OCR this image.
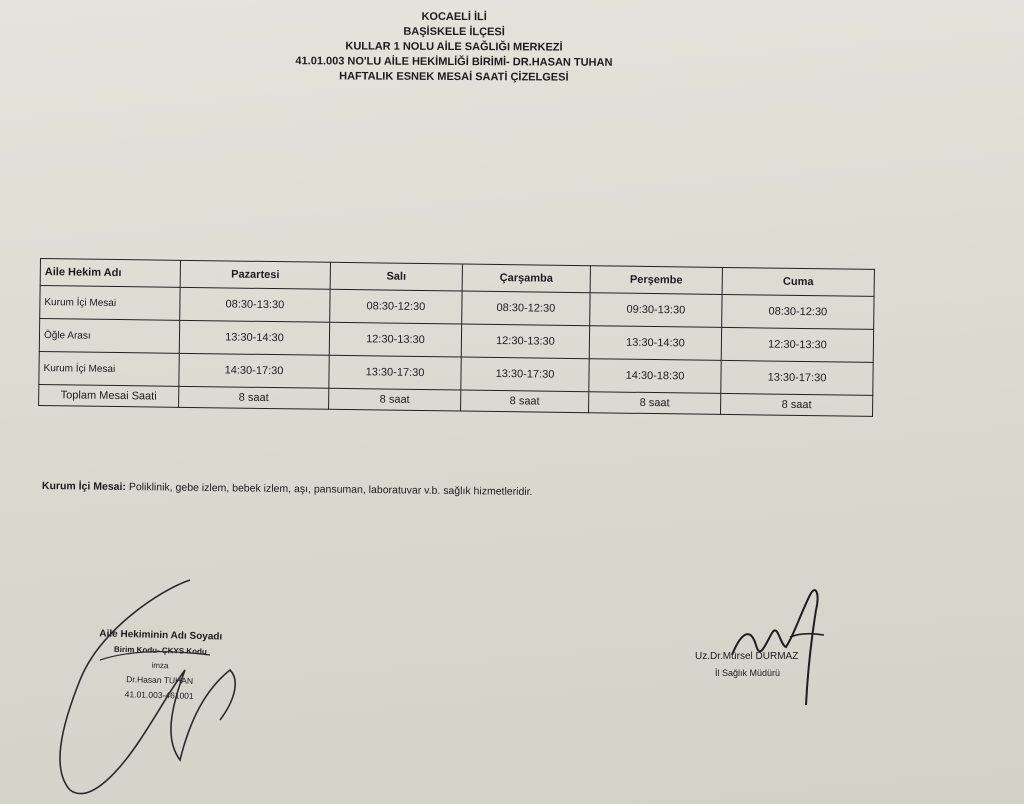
KOCAELİ İLİ
BAŞİSKELE İLÇESİ
KULLAR 1 NOLU AİLE SAĞLIĞI MERKEZİ
41.01.003 NO'LU AİLE HEKİMLİĞİ BİRİMİ- DR.HASAN TUHAN
HAFTALIK ESNEK MESAİ SAATİ ÇİZELGESİ
Aile Hekim Adı	Pazartesi	Salı	Çarşamba	Perşembe	Cuma
Kurum İçi Mesai	08:30-13:30	08:30-12:30	08:30-12:30	09:30-13:30	08:30-12:30
Öğle Arası	13:30-14:30	12:30-13:30	12:30-13:30	13:30-14:30	12:30-13:30
Kurum İçi Mesai	14:30-17:30	13:30-17:30	13:30-17:30	14:30-18:30	13:30-17:30
Toplam Mesai Saati	8 saat	8 saat	8 saat	8 saat	8 saat
Kurum İçi Mesai: Poliklinik, gebe izlem, bebek izlem, aşı, pansuman, laboratuvar v.b. sağlık hizmetleridir.
Aile Hekiminin Adı Soyadı
Birim Kodu- ÇKYS Kodu
imza
Dr.Hasan TUHAN
41.01.003-461001
Uz.Dr.Mürsel DURMAZ
İl Sağlık Müdürü
